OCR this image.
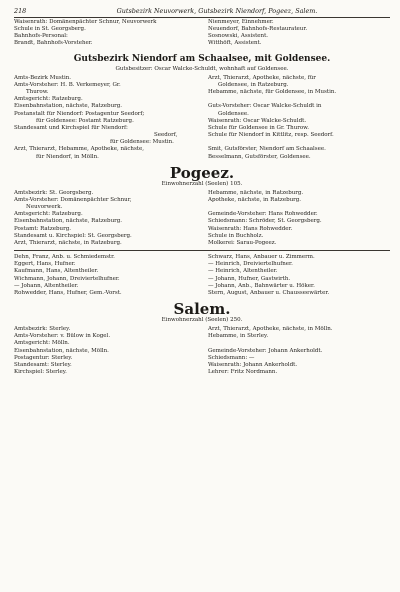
218	Gutsbezirk Neuvorwerk, Gutsbezirk Niendorf, Pogeez, Salem.
Waisenrath: Domänenpächter Schnur, Neuvorwerk	Nienmeyer, Einnehmer.
Schule in St. Georgsberg.	Neuendorf, Bahnhofs-Restaurateur.
Bahnhofs-Personal:	Sosnowski, Assistent.
Brandt, Bahnhofs-Vorsteher.	Witthöft, Assistent.
Gutsbezirk Niendorf am Schaalsee, mit Goldensee.
Gutsbesitzer: Oscar Walcke-Schuldt, wohnhaft auf Goldensee.
Amts-Bezirk Mustin.	Arzt, Thierarzt, Apotheke, nächste, für
Amts-Vorsteher: H. B. Verkemeyer, Gr.	Goldensee, in Ratzeburg.
Thurow.	Hebamme, nächste, für Goldensee, in Mustin.
Amtsgericht: Ratzeburg.
Eisenbahnstation, nächste, Ratzeburg.	Guts-Vorsteher: Oscar Walcke-Schuldt in
Postanstalt für Niendorf: Postagentur Seedorf;	Goldensee.
für Goldensee: Postamt Ratzeburg.	Waisenrath: Oscar Walcke-Schuldt.
Standesamt und Kirchspiel für Niendorf:	Schule für Goldensee in Gr. Thurow.
Seedorf,	Schule für Niendorf in Kittlitz, resp. Seedorf.
für Goldensee: Mustin.
Arzt, Thierarzt, Hebamme, Apotheke, nächste,	Smit, Gutsförster, Niendorf am Schaalsee.
für Niendorf, in Mölln.	Besselmann, Gutsförster, Goldensee.
Pogeez.
Einwohnerzahl (Seelen) 105.
Amtsbezirk: St. Georgsberg.	Hebamme, nächste, in Ratzeburg.
Amts-Vorsteher: Domänenpächter Schnur,	Apotheke, nächste, in Ratzeburg.
Neuvorwerk.
Amtsgericht: Ratzeburg.	Gemeinde-Vorsteher: Hans Rohwedder.
Eisenbahnstation, nächste, Ratzeburg.	Schiedsmann: Schröder, St. Georgsberg.
Postamt: Ratzeburg.	Waisenrath: Hans Rohwedder.
Standesamt u. Kirchspiel: St. Georgsberg.	Schule in Buchholz.
Arzt, Thierarzt, nächste, in Ratzeburg.	Molkerei: Sarau-Pogeez.
Dehn, Franz, Anb. u. Schmiedemstr.	Schwarz, Hans, Anbauer u. Zimmerm.
Eggert, Hans, Hufner.	— Heinrich, Dreiviertelhufner.
Kaufmann, Hans, Altentheiler.	— Heinrich, Altentheiler.
Wichmann, Johann, Dreiviertelhufner.	— Johann, Hufner, Gastwirth.
— Johann, Altentheiler.	— Johann, Anb., Bahnwärter u. Höker.
Rohwedder, Hans, Hufner, Gem.-Vorst.	Stern, August, Anbauer u. Chausseewärter.
Salem.
Einwohnerzahl (Seelen) 250.
Amtsbezirk: Sterley.	Arzt, Thierarzt, Apotheke, nächste, in Mölln.
Amts-Vorsteher: v. Bülow in Kogel.	Hebamme, in Sterley.
Amtsgericht: Mölln.
Eisenbahnstation, nächste, Mölln.	Gemeinde-Vorsteher: Johann Ankerholdt.
Postagentur: Sterley.	Schiedsmann: —
Standesamt: Sterley.	Waisenrath: Johann Ankerholdt.
Kirchspiel: Sterley.	Lehrer: Fritz Nordmann.
